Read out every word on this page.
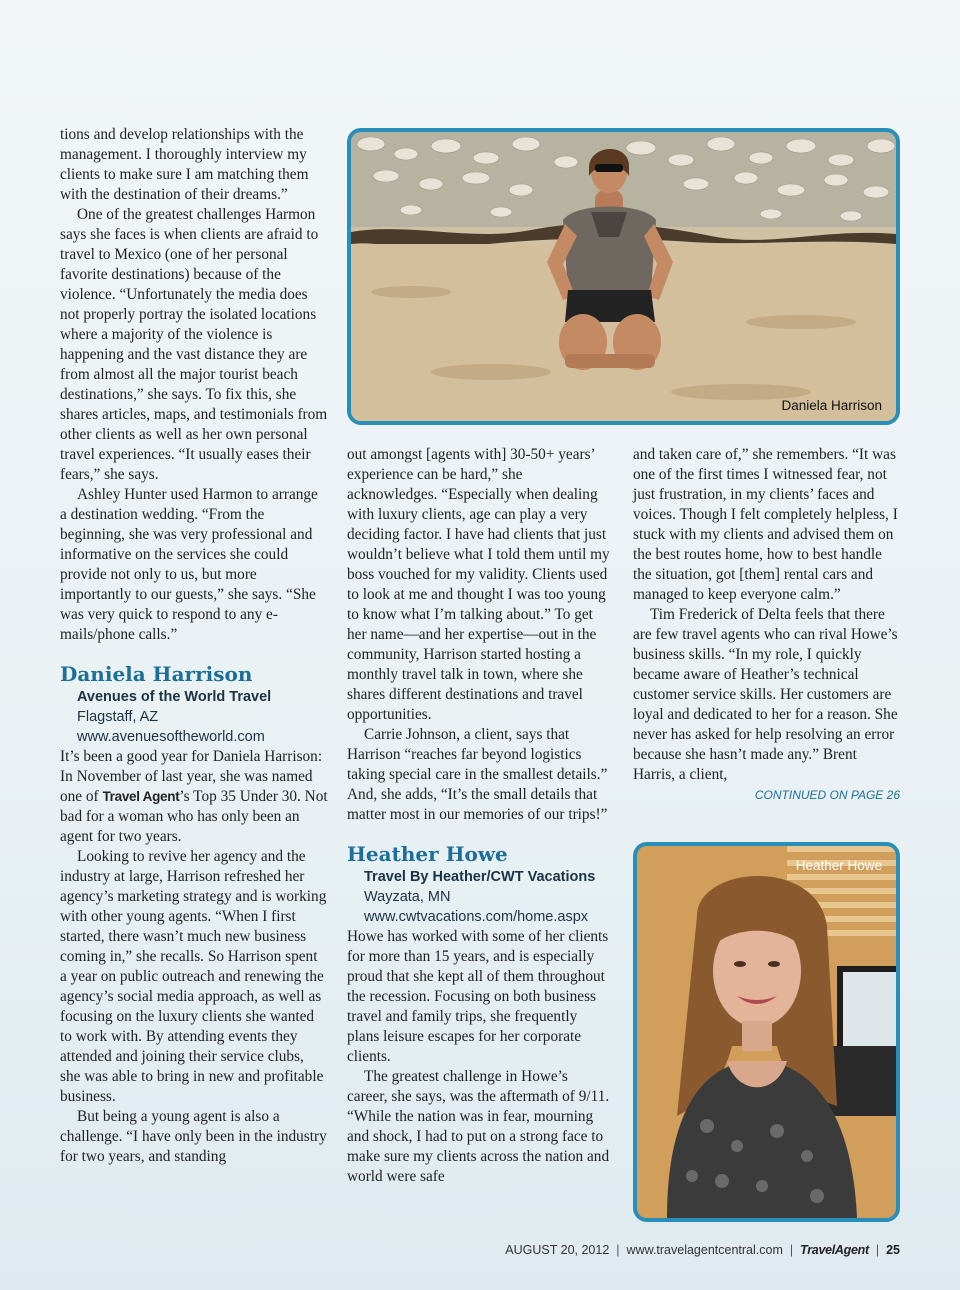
tions and develop relationships with the management. I thoroughly interview my clients to make sure I am matching them with the destination of their dreams.”

One of the greatest challenges Harmon says she faces is when clients are afraid to travel to Mexico (one of her personal favorite destinations) because of the violence. “Unfortunately the media does not properly portray the isolated locations where a majority of the violence is happening and the vast distance they are from almost all the major tourist beach destinations,” she says. To fix this, she shares articles, maps, and testimonials from other clients as well as her own personal travel experiences. “It usually eases their fears,” she says.

Ashley Hunter used Harmon to arrange a destination wedding. “From the beginning, she was very professional and informative on the services she could provide not only to us, but more importantly to our guests,” she says. “She was very quick to respond to any e-mails/phone calls.”

Daniela Harrison

Avenues of the World Travel

Flagstaff, AZ

www.avenuesoftheworld.com

It’s been a good year for Daniela Harrison: In November of last year, she was named one of Travel Agent’s Top 35 Under 30. Not bad for a woman who has only been an agent for two years.

Looking to revive her agency and the industry at large, Harrison refreshed her agency’s marketing strategy and is working with other young agents. “When I first started, there wasn’t much new business coming in,” she recalls. So Harrison spent a year on public outreach and renewing the agency’s social media approach, as well as focusing on the luxury clients she wanted to work with. By attending events they attended and joining their service clubs, she was able to bring in new and profitable business.

But being a young agent is also a challenge. “I have only been in the industry for two years, and standing

Daniela Harrison

out amongst [agents with] 30-50+ years’ experience can be hard,” she acknowledges. “Especially when dealing with luxury clients, age can play a very deciding factor. I have had clients that just wouldn’t believe what I told them until my boss vouched for my validity. Clients used to look at me and thought I was too young to know what I’m talking about.” To get her name—and her expertise—out in the community, Harrison started hosting a monthly travel talk in town, where she shares different destinations and travel opportunities.

Carrie Johnson, a client, says that Harrison “reaches far beyond logistics taking special care in the smallest details.” And, she adds, “It’s the small details that matter most in our memories of our trips!”

Heather Howe

Travel By Heather/CWT Vacations

Wayzata, MN

www.cwtvacations.com/home.aspx

Howe has worked with some of her clients for more than 15 years, and is especially proud that she kept all of them throughout the recession. Focusing on both business travel and family trips, she frequently plans leisure escapes for her corporate clients.

The greatest challenge in Howe’s career, she says, was the aftermath of 9/11. “While the nation was in fear, mourning and shock, I had to put on a strong face to make sure my clients across the nation and world were safe

and taken care of,” she remembers. “It was one of the first times I witnessed fear, not just frustration, in my clients’ faces and voices. Though I felt completely helpless, I stuck with my clients and advised them on the best routes home, how to best handle the situation, got [them] rental cars and managed to keep everyone calm.”

Tim Frederick of Delta feels that there are few travel agents who can rival Howe’s business skills. “In my role, I quickly became aware of Heather’s technical customer service skills. Her customers are loyal and dedicated to her for a reason. She never has asked for help resolving an error because she hasn’t made any.” Brent Harris, a client,

CONTINUED ON PAGE 26

Heather Howe
AUGUST 20, 2012 | www.travelagentcentral.com | TravelAgent | 25
